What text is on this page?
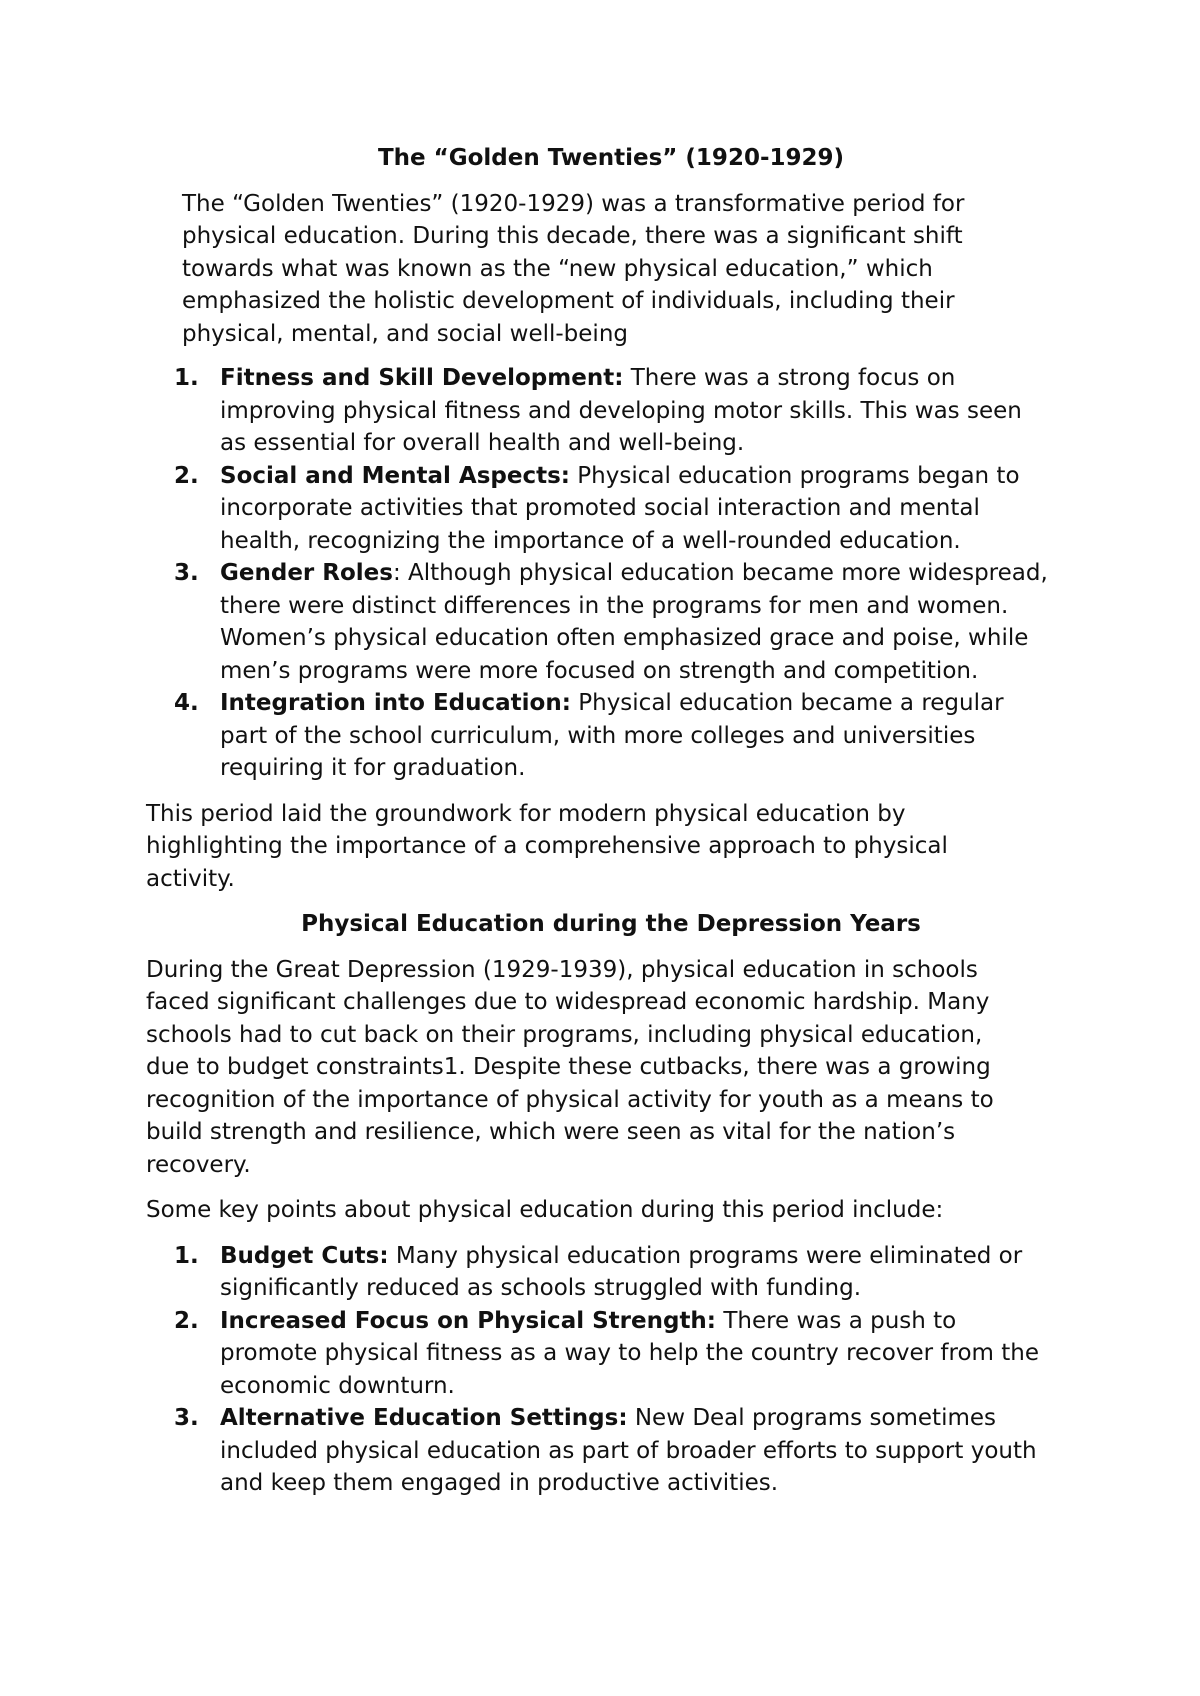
The “Golden Twenties” (1920-1929)
The “Golden Twenties” (1920-1929) was a transformative period for physical education. During this decade, there was a significant shift towards what was known as the “new physical education,” which emphasized the holistic development of individuals, including their physical, mental, and social well-being
1. Fitness and Skill Development: There was a strong focus on improving physical fitness and developing motor skills. This was seen as essential for overall health and well-being.
2. Social and Mental Aspects: Physical education programs began to incorporate activities that promoted social interaction and mental health, recognizing the importance of a well-rounded education.
3. Gender Roles: Although physical education became more widespread, there were distinct differences in the programs for men and women. Women’s physical education often emphasized grace and poise, while men’s programs were more focused on strength and competition.
4. Integration into Education: Physical education became a regular part of the school curriculum, with more colleges and universities requiring it for graduation.

This period laid the groundwork for modern physical education by highlighting the importance of a comprehensive approach to physical activity.

Physical Education during the Depression Years

During the Great Depression (1929-1939), physical education in schools faced significant challenges due to widespread economic hardship. Many schools had to cut back on their programs, including physical education, due to budget constraints1. Despite these cutbacks, there was a growing recognition of the importance of physical activity for youth as a means to build strength and resilience, which were seen as vital for the nation’s recovery.

Some key points about physical education during this period include:

1. Budget Cuts: Many physical education programs were eliminated or significantly reduced as schools struggled with funding.
2. Increased Focus on Physical Strength: There was a push to promote physical fitness as a way to help the country recover from the economic downturn.
3. Alternative Education Settings: New Deal programs sometimes included physical education as part of broader efforts to support youth and keep them engaged in productive activities.
